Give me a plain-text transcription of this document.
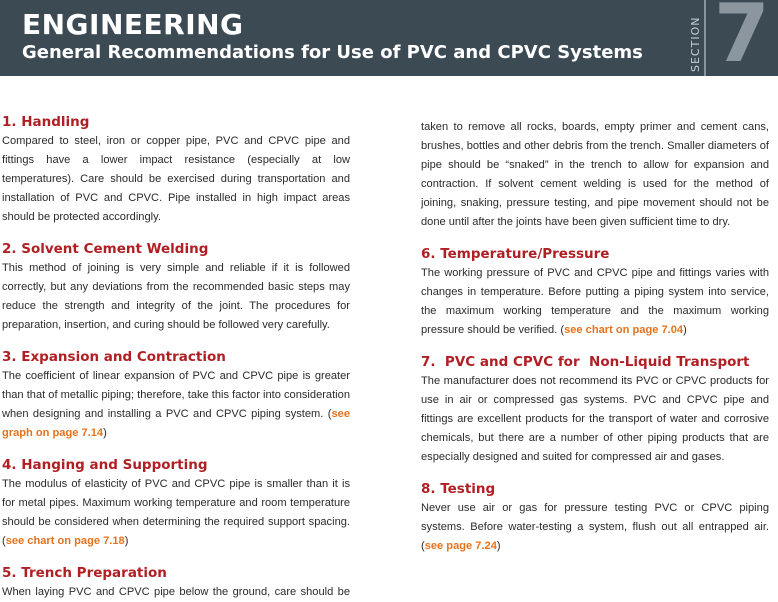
ENGINEERING
General Recommendations for Use of PVC and CPVC Systems	SECTION 7
1. Handling
Compared to steel, iron or copper pipe, PVC and CPVC pipe and fittings have a lower impact resistance (especially at low temperatures). Care should be exercised during transportation and installation of PVC and CPVC. Pipe installed in high impact areas should be protected accordingly.
2. Solvent Cement Welding
This method of joining is very simple and reliable if it is followed correctly, but any deviations from the recommended basic steps may reduce the strength and integrity of the joint. The procedures for preparation, insertion, and curing should be followed very carefully.
3. Expansion and Contraction
The coefficient of linear expansion of PVC and CPVC pipe is greater than that of metallic piping; therefore, take this factor into consideration when designing and installing a PVC and CPVC piping system. (see graph on page 7.14)
4. Hanging and Supporting
The modulus of elasticity of PVC and CPVC pipe is smaller than it is for metal pipes. Maximum working temperature and room temperature should be considered when determining the required support spacing. (see chart on page 7.18)
5. Trench Preparation
When laying PVC and CPVC pipe below the ground, care should be
taken to remove all rocks, boards, empty primer and cement cans, brushes, bottles and other debris from the trench. Smaller diameters of pipe should be “snaked” in the trench to allow for expansion and contraction. If solvent cement welding is used for the method of joining, snaking, pressure testing, and pipe movement should not be done until after the joints have been given sufficient time to dry.
6. Temperature/Pressure
The working pressure of PVC and CPVC pipe and fittings varies with changes in temperature. Before putting a piping system into service, the maximum working temperature and the maximum working pressure should be verified. (see chart on page 7.04)
7.  PVC and CPVC for  Non-Liquid Transport
The manufacturer does not recommend its PVC or CPVC products for use in air or compressed gas systems. PVC and CPVC pipe and fittings are excellent products for the transport of water and corrosive chemicals, but there are a number of other piping products that are especially designed and suited for compressed air and gases.
8. Testing
Never use air or gas for pressure testing PVC or CPVC piping systems. Before water-testing a system, flush out all entrapped air. (see page 7.24)
